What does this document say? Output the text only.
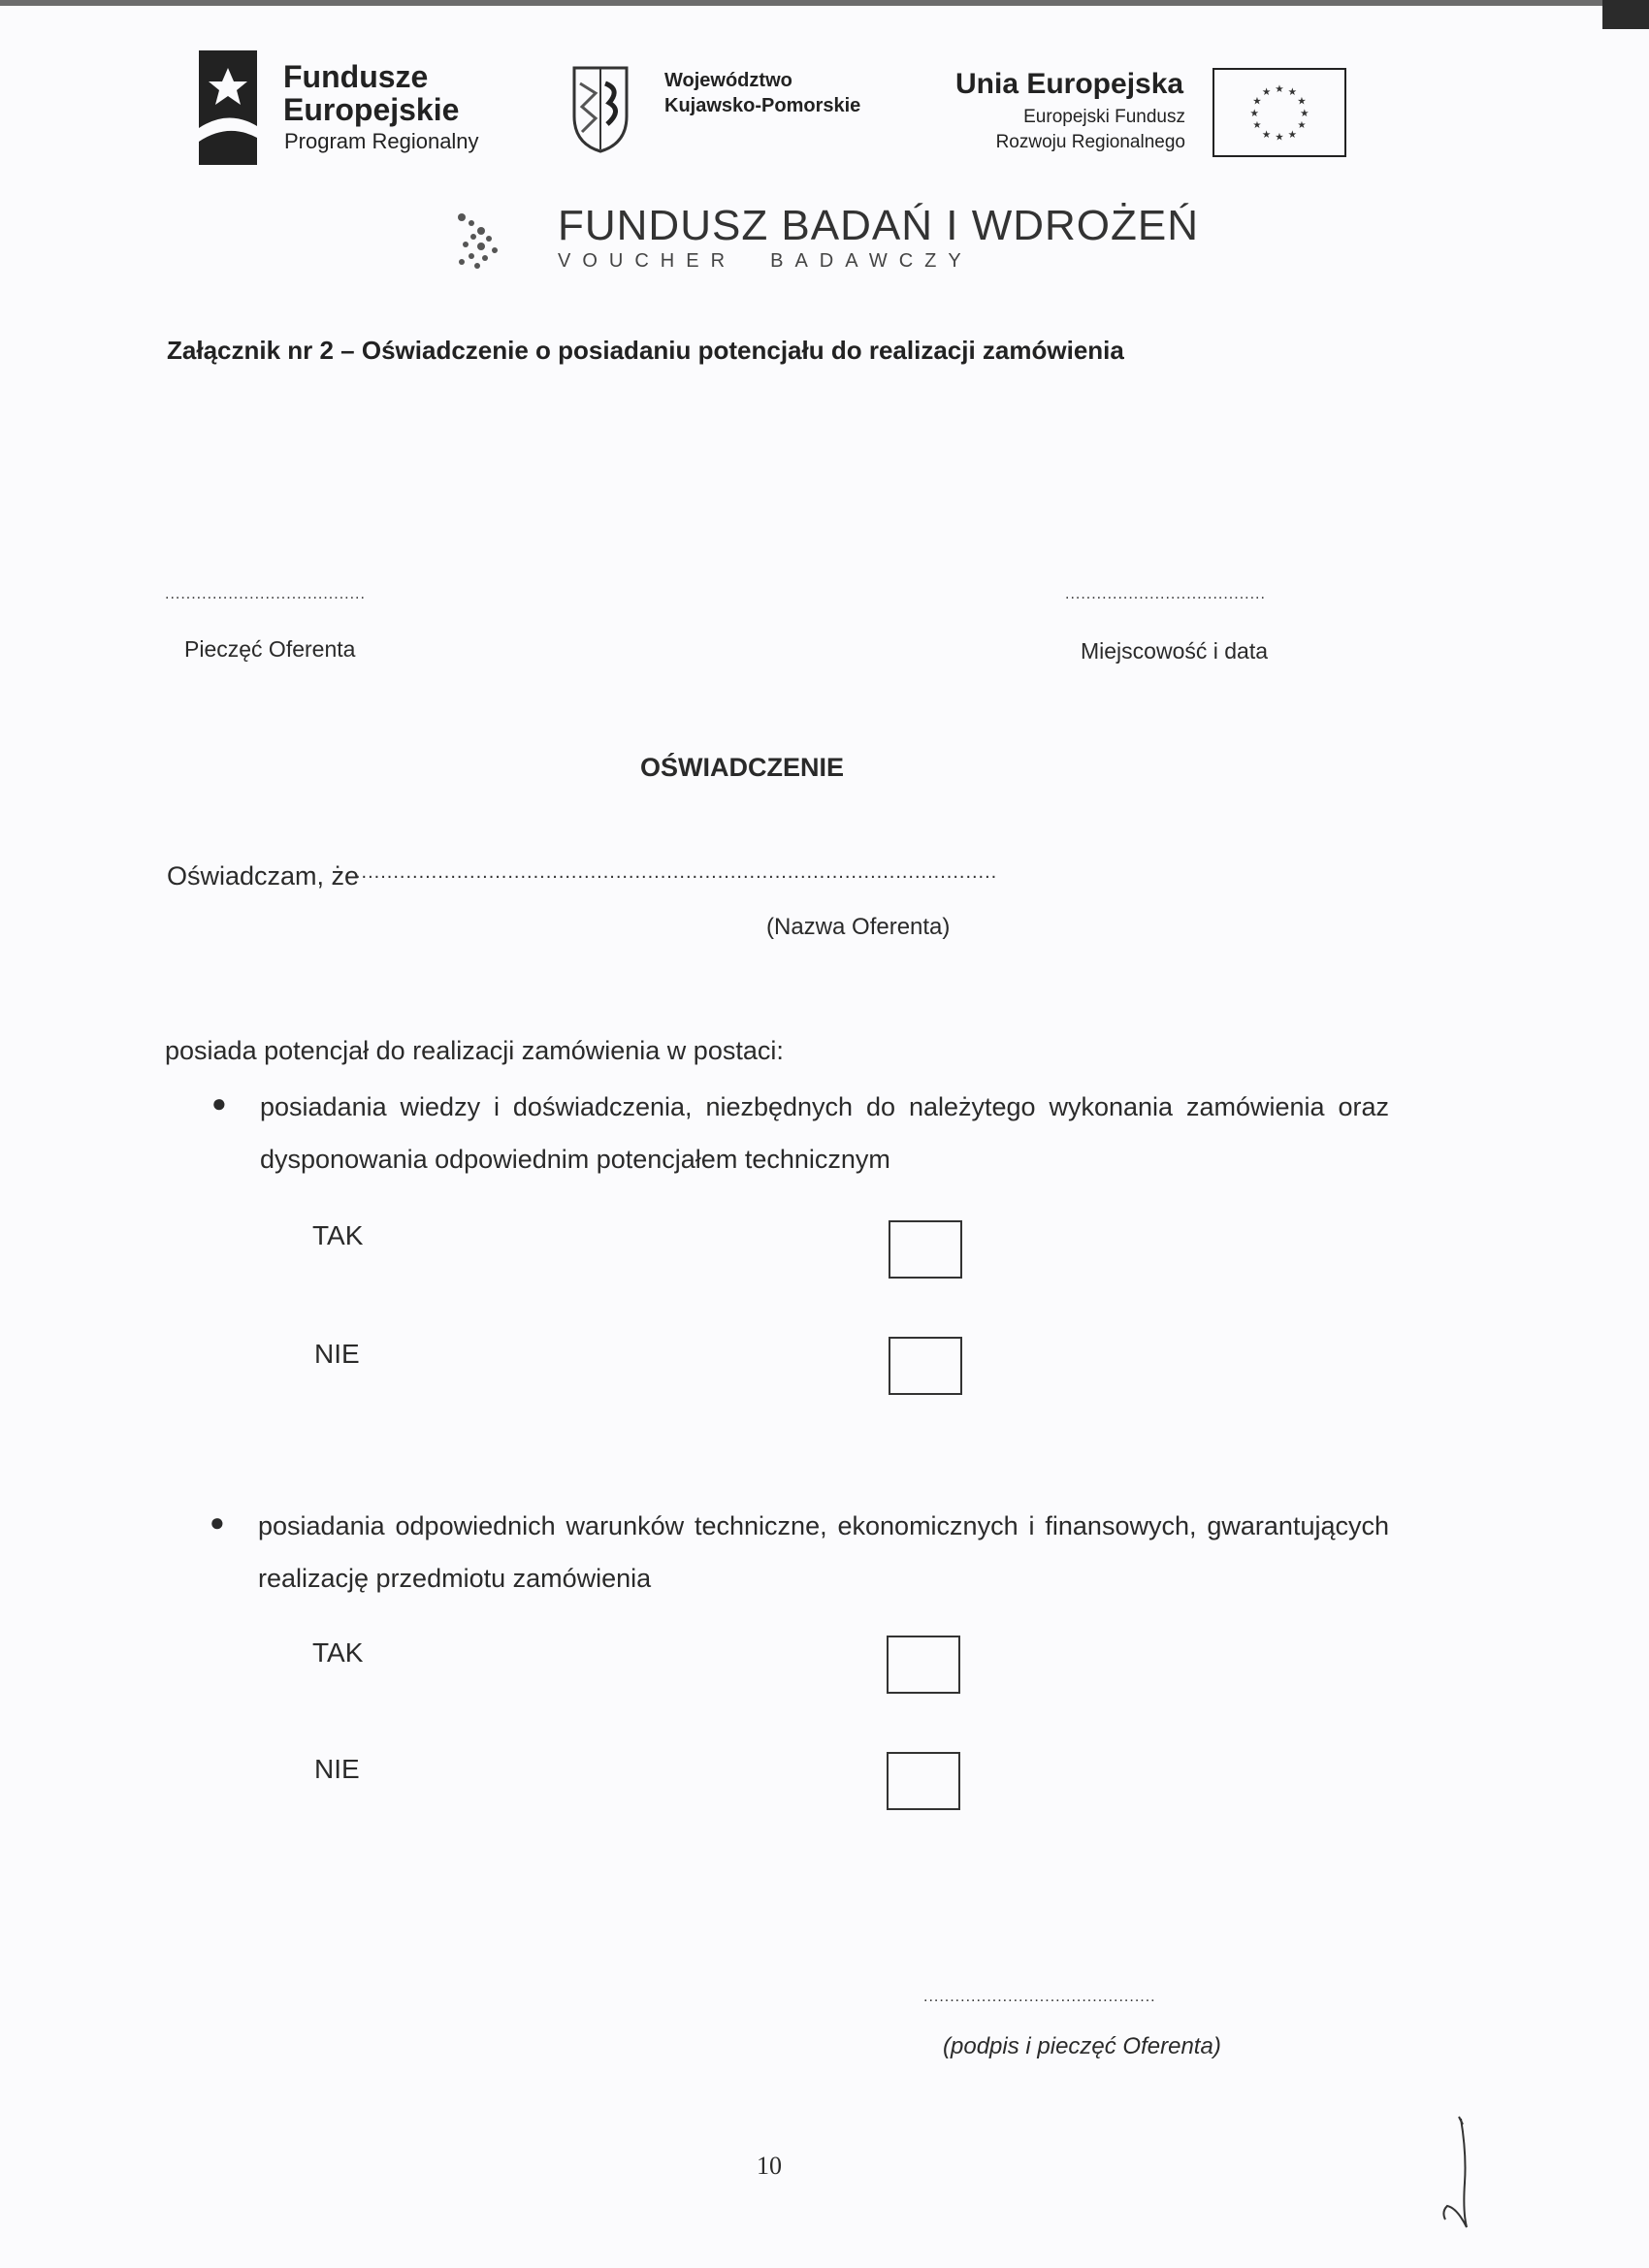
Fundusze
Europejskie
Program Regionalny
Województwo
Kujawsko-Pomorskie
Unia Europejska
Europejski Fundusz
Rozwoju Regionalnego
★ ★
★
★
★
★
★
★
★
★
★
★
FUNDUSZ BADAŃ I WDROŻEŃ
VOUCHER  BADAWCZY
Załącznik nr 2 – Oświadczenie o posiadaniu potencjału do realizacji zamówienia
......................................	......................................
Pieczęć Oferenta	Miejscowość i data
OŚWIADCZENIE
Oświadczam, że
.....................................................................................................
(Nazwa Oferenta)
posiada potencjał do realizacji zamówienia w postaci:
● posiadania wiedzy i doświadczenia, niezbędnych do należytego wykonania zamówienia oraz dysponowania odpowiednim potencjałem technicznym
TAK
NIE
● posiadania odpowiednich warunków techniczne, ekonomicznych i finansowych, gwarantujących realizację przedmiotu zamówienia
TAK
NIE
............................................
(podpis i pieczęć Oferenta)
10
